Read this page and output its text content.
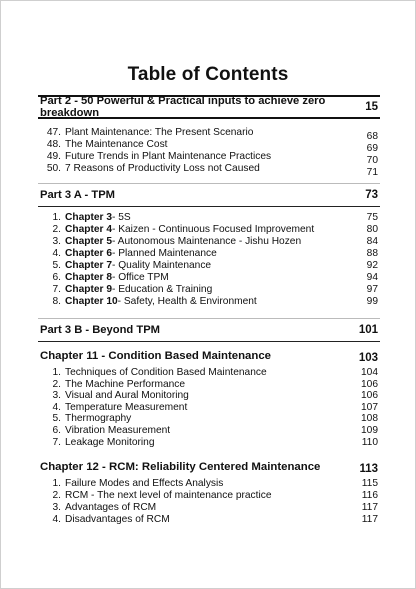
Table of Contents
Part 2 - 50 Powerful & Practical inputs to achieve zero breakdown	15
47. Plant Maintenance: The Present Scenario	68
48. The Maintenance Cost	69
49. Future Trends in Plant Maintenance Practices	70
50. 7 Reasons of Productivity Loss not Caused	71
Part 3 A - TPM	73
1. Chapter 3 - 5S	75
2. Chapter 4 - Kaizen - Continuous Focused Improvement	80
3. Chapter 5 - Autonomous Maintenance - Jishu Hozen	84
4. Chapter 6 - Planned Maintenance	88
5. Chapter 7 - Quality Maintenance	92
6. Chapter 8 - Office TPM	94
7. Chapter 9 - Education & Training	97
8. Chapter 10 - Safety, Health & Environment	99
Part 3 B - Beyond TPM	101
Chapter 11 - Condition Based Maintenance	103
1. Techniques of Condition Based Maintenance	104
2. The Machine Performance	106
3. Visual and Aural Monitoring	106
4. Temperature Measurement	107
5. Thermography	108
6. Vibration Measurement	109
7. Leakage Monitoring	110
Chapter 12 - RCM: Reliability Centered Maintenance	113
1. Failure Modes and Effects Analysis	115
2. RCM - The next level of maintenance practice	116
3. Advantages of RCM	117
4. Disadvantages of RCM	117
